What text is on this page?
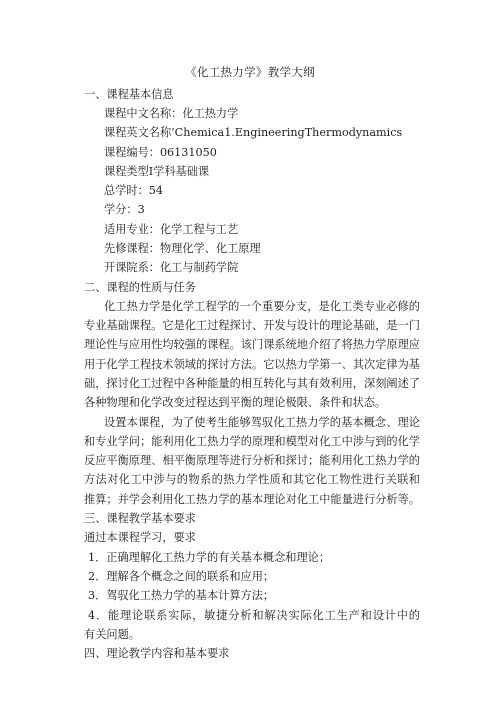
《化工热力学》教学大纲
一、课程基本信息
课程中文名称：化工热力学
课程英文名称‘Chemica1.EngineeringThermodynamics
课程编号：06131050
课程类型I学科基础课
总学时：54
学分：3
适用专业：化学工程与工艺
先修课程：物理化学、化工原理
开课院系：化工与制药学院
二、课程的性质与任务
化工热力学是化学工程学的一个重要分支，是化工类专业必修的
专业基础课程。它是化工过程探讨、开发与设计的理论基础，是一门
理论性与应用性均较强的课程。该门课系统地介绍了将热力学原理应
用于化学工程技术领域的探讨方法。它以热力学第一、其次定律为基
础，探讨化工过程中各种能量的相互转化与其有效利用，深刻阐述了
各种物理和化学改变过程达到平衡的理论极限、条件和状态。
设置本课程，为了使考生能够驾驭化工热力学的基本概念、理论
和专业学问；能利用化工热力学的原理和模型对化工中涉与到的化学
反应平衡原理、相平衡原理等进行分析和探讨；能利用化工热力学的
方法对化工中涉与的物系的热力学性质和其它化工物性进行关联和
推算；并学会利用化工热力学的基本理论对化工中能量进行分析等。
三、课程教学基本要求
通过本课程学习，要求
1．正确理解化工热力学的有关基本概念和理论；
2．理解各个概念之间的联系和应用；
3．驾驭化工热力学的基本计算方法；
4．能理论联系实际，敏捷分析和解决实际化工生产和设计中的
有关问题。
四、理论教学内容和基本要求
